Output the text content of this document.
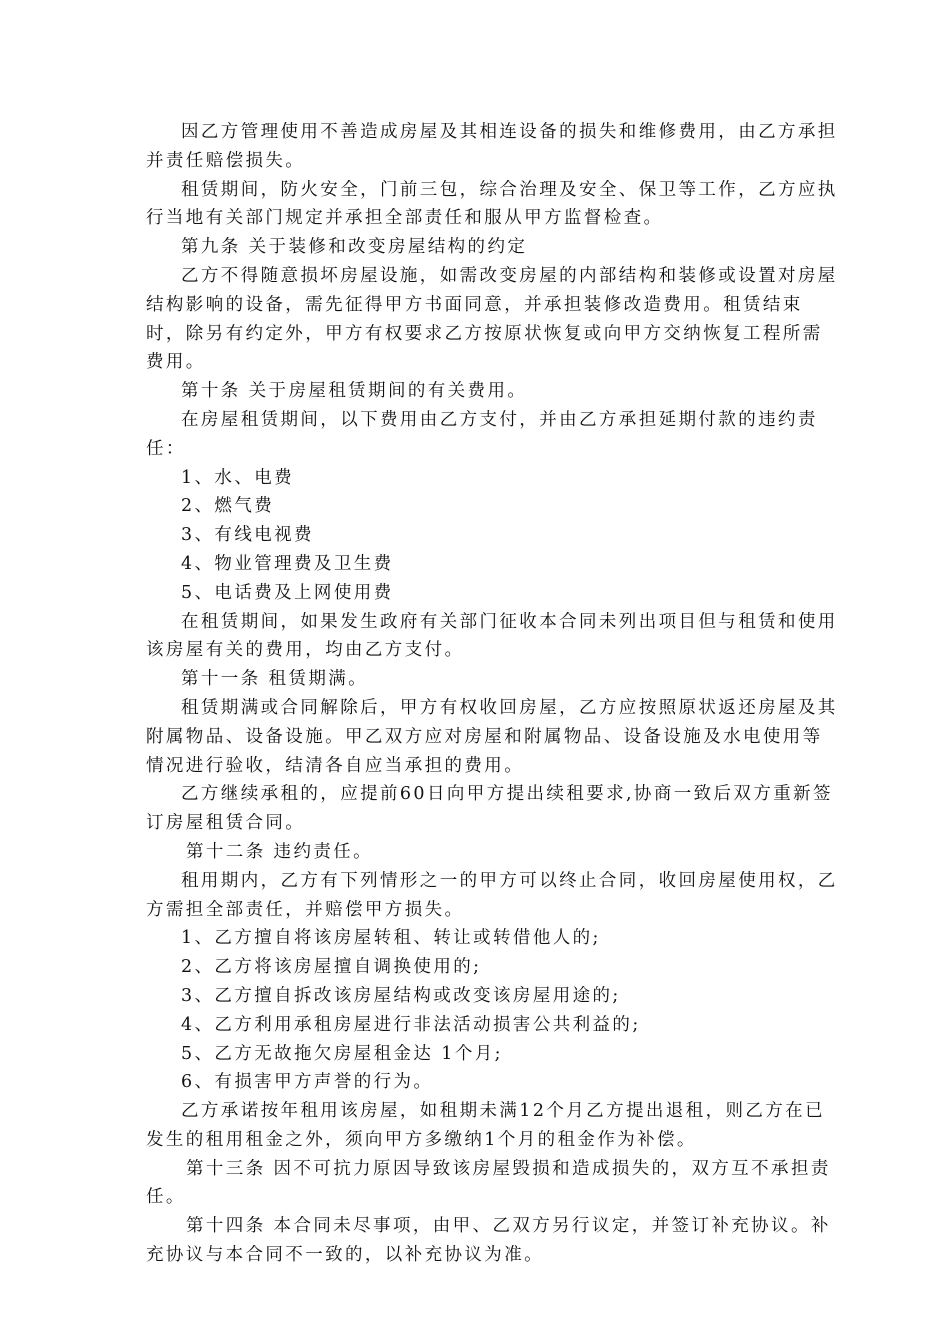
因乙方管理使用不善造成房屋及其相连设备的损失和维修费用，由乙方承担并责任赔偿损失。

租赁期间，防火安全，门前三包，综合治理及安全、保卫等工作，乙方应执行当地有关部门规定并承担全部责任和服从甲方监督检查。

第九条 关于装修和改变房屋结构的约定

乙方不得随意损坏房屋设施，如需改变房屋的内部结构和装修或设置对房屋结构影响的设备，需先征得甲方书面同意，并承担装修改造费用。租赁结束时，除另有约定外，甲方有权要求乙方按原状恢复或向甲方交纳恢复工程所需费用。

第十条 关于房屋租赁期间的有关费用。

在房屋租赁期间，以下费用由乙方支付，并由乙方承担延期付款的违约责任：

1、水、电费

2、燃气费

3、有线电视费

4、物业管理费及卫生费

5、电话费及上网使用费

在租赁期间，如果发生政府有关部门征收本合同未列出项目但与租赁和使用该房屋有关的费用，均由乙方支付。

第十一条 租赁期满。

租赁期满或合同解除后，甲方有权收回房屋，乙方应按照原状返还房屋及其附属物品、设备设施。甲乙双方应对房屋和附属物品、设备设施及水电使用等情况进行验收，结清各自应当承担的费用。

乙方继续承租的，应提前60日向甲方提出续租要求,协商一致后双方重新签订房屋租赁合同。

第十二条 违约责任。

租用期内，乙方有下列情形之一的甲方可以终止合同，收回房屋使用权，乙方需担全部责任，并赔偿甲方损失。

1、乙方擅自将该房屋转租、转让或转借他人的;

2、乙方将该房屋擅自调换使用的;

3、乙方擅自拆改该房屋结构或改变该房屋用途的;

4、乙方利用承租房屋进行非法活动损害公共利益的;

5、乙方无故拖欠房屋租金达 1个月;

6、有损害甲方声誉的行为。

乙方承诺按年租用该房屋，如租期未满12个月乙方提出退租，则乙方在已发生的租用租金之外，须向甲方多缴纳1个月的租金作为补偿。

第十三条 因不可抗力原因导致该房屋毁损和造成损失的，双方互不承担责任。

第十四条 本合同未尽事项，由甲、乙双方另行议定，并签订补充协议。补充协议与本合同不一致的，以补充协议为准。
